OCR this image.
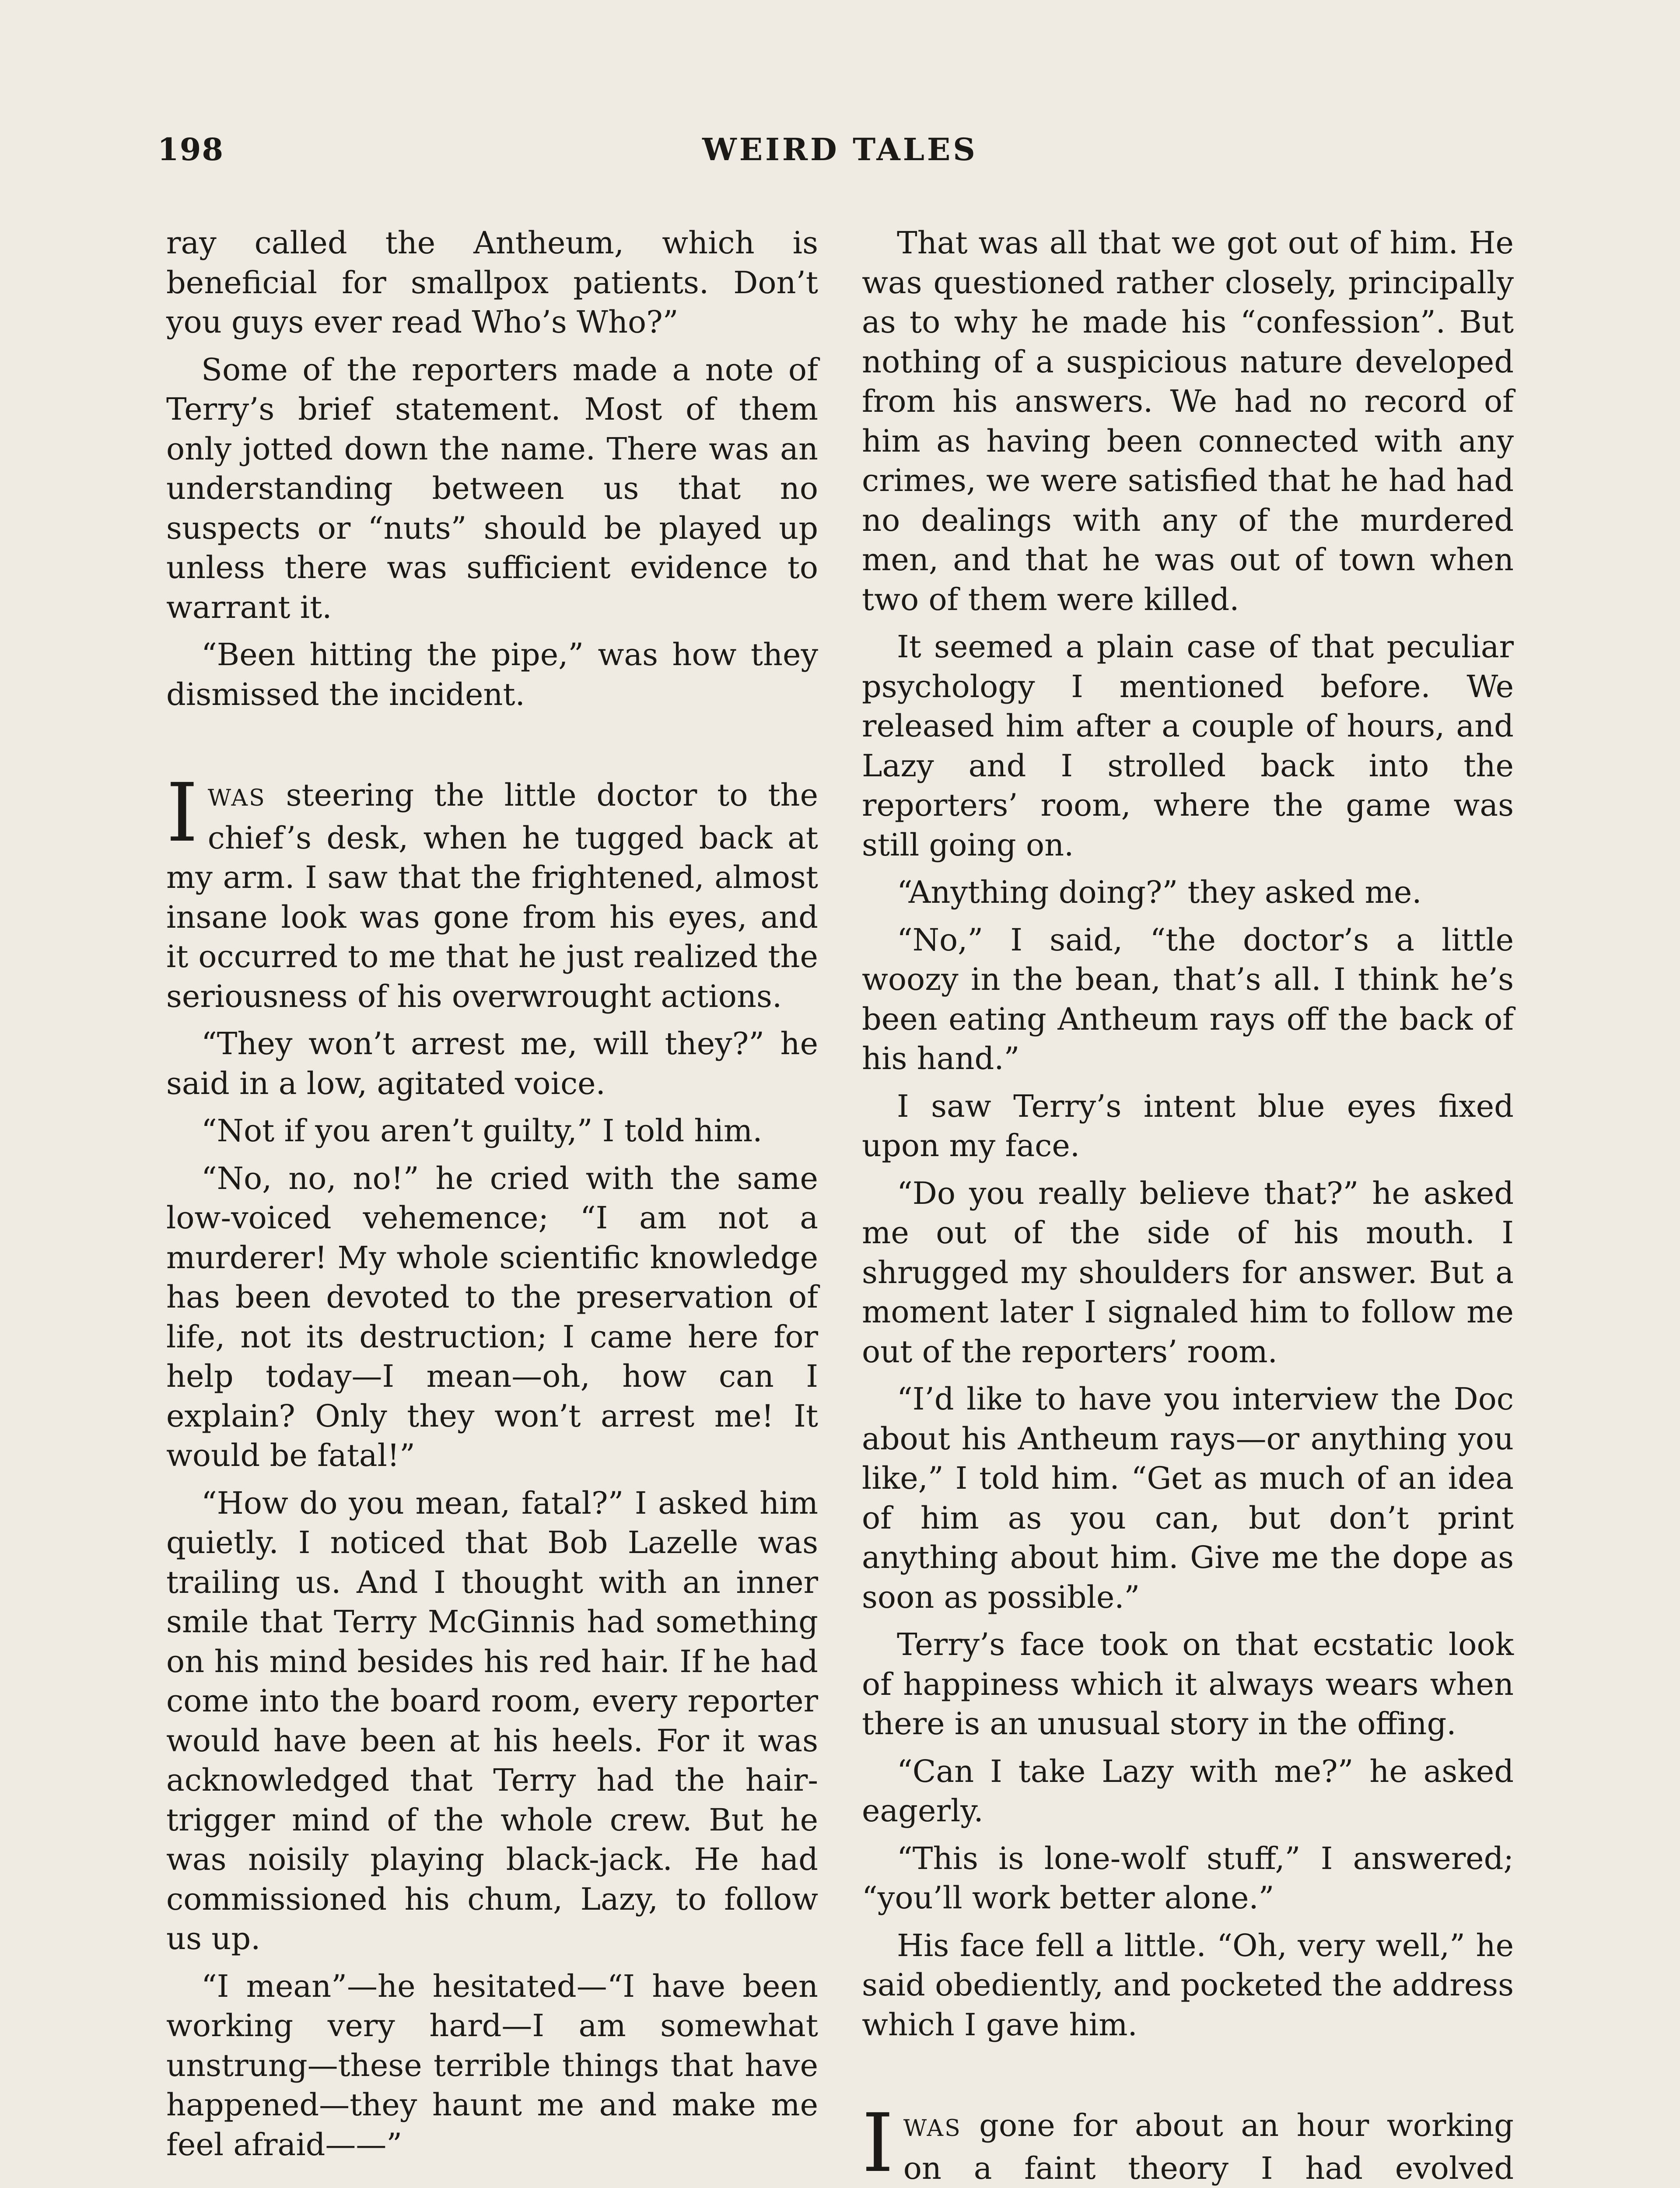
198	WEIRD TALES

ray called the Antheum, which is beneficial for smallpox patients. Don’t you guys ever read Who’s Who?”

Some of the reporters made a note of Terry’s brief statement. Most of them only jotted down the name. There was an understanding between us that no suspects or “nuts” should be played up unless there was sufficient evidence to warrant it.

“Been hitting the pipe,” was how they dismissed the incident.

IWAS steering the little doctor to the chief’s desk, when he tugged back at my arm. I saw that the frightened, almost insane look was gone from his eyes, and it occurred to me that he just realized the seriousness of his overwrought actions.

“They won’t arrest me, will they?” he said in a low, agitated voice.

“Not if you aren’t guilty,” I told him.

“No, no, no!” he cried with the same low-voiced vehemence; “I am not a murderer! My whole scientific knowledge has been devoted to the preservation of life, not its destruction; I came here for help today—I mean—oh, how can I explain? Only they won’t arrest me! It would be fatal!”

“How do you mean, fatal?” I asked him quietly. I noticed that Bob Lazelle was trailing us. And I thought with an inner smile that Terry McGinnis had something on his mind besides his red hair. If he had come into the board room, every reporter would have been at his heels. For it was acknowledged that Terry had the hair-trigger mind of the whole crew. But he was noisily playing black-jack. He had commissioned his chum, Lazy, to follow us up.

“I mean”—he hesitated—“I have been working very hard—I am somewhat unstrung—these terrible things that have happened—they haunt me and make me feel afraid——”

That was all that we got out of him. He was questioned rather closely, principally as to why he made his “confession”. But nothing of a suspicious nature developed from his answers. We had no record of him as having been connected with any crimes, we were satisfied that he had had no dealings with any of the murdered men, and that he was out of town when two of them were killed.

It seemed a plain case of that peculiar psychology I mentioned before. We released him after a couple of hours, and Lazy and I strolled back into the reporters’ room, where the game was still going on.

“Anything doing?” they asked me.

“No,” I said, “the doctor’s a little woozy in the bean, that’s all. I think he’s been eating Antheum rays off the back of his hand.”

I saw Terry’s intent blue eyes fixed upon my face.

“Do you really believe that?” he asked me out of the side of his mouth. I shrugged my shoulders for answer. But a moment later I signaled him to follow me out of the reporters’ room.

“I’d like to have you interview the Doc about his Antheum rays—or anything you like,” I told him. “Get as much of an idea of him as you can, but don’t print anything about him. Give me the dope as soon as possible.”

Terry’s face took on that ecstatic look of happiness which it always wears when there is an unusual story in the offing.

“Can I take Lazy with me?” he asked eagerly.

“This is lone-wolf stuff,” I answered; “you’ll work better alone.”

His face fell a little. “Oh, very well,” he said obediently, and pocketed the address which I gave him.

IWAS gone for about an hour working on a faint theory I had evolved
